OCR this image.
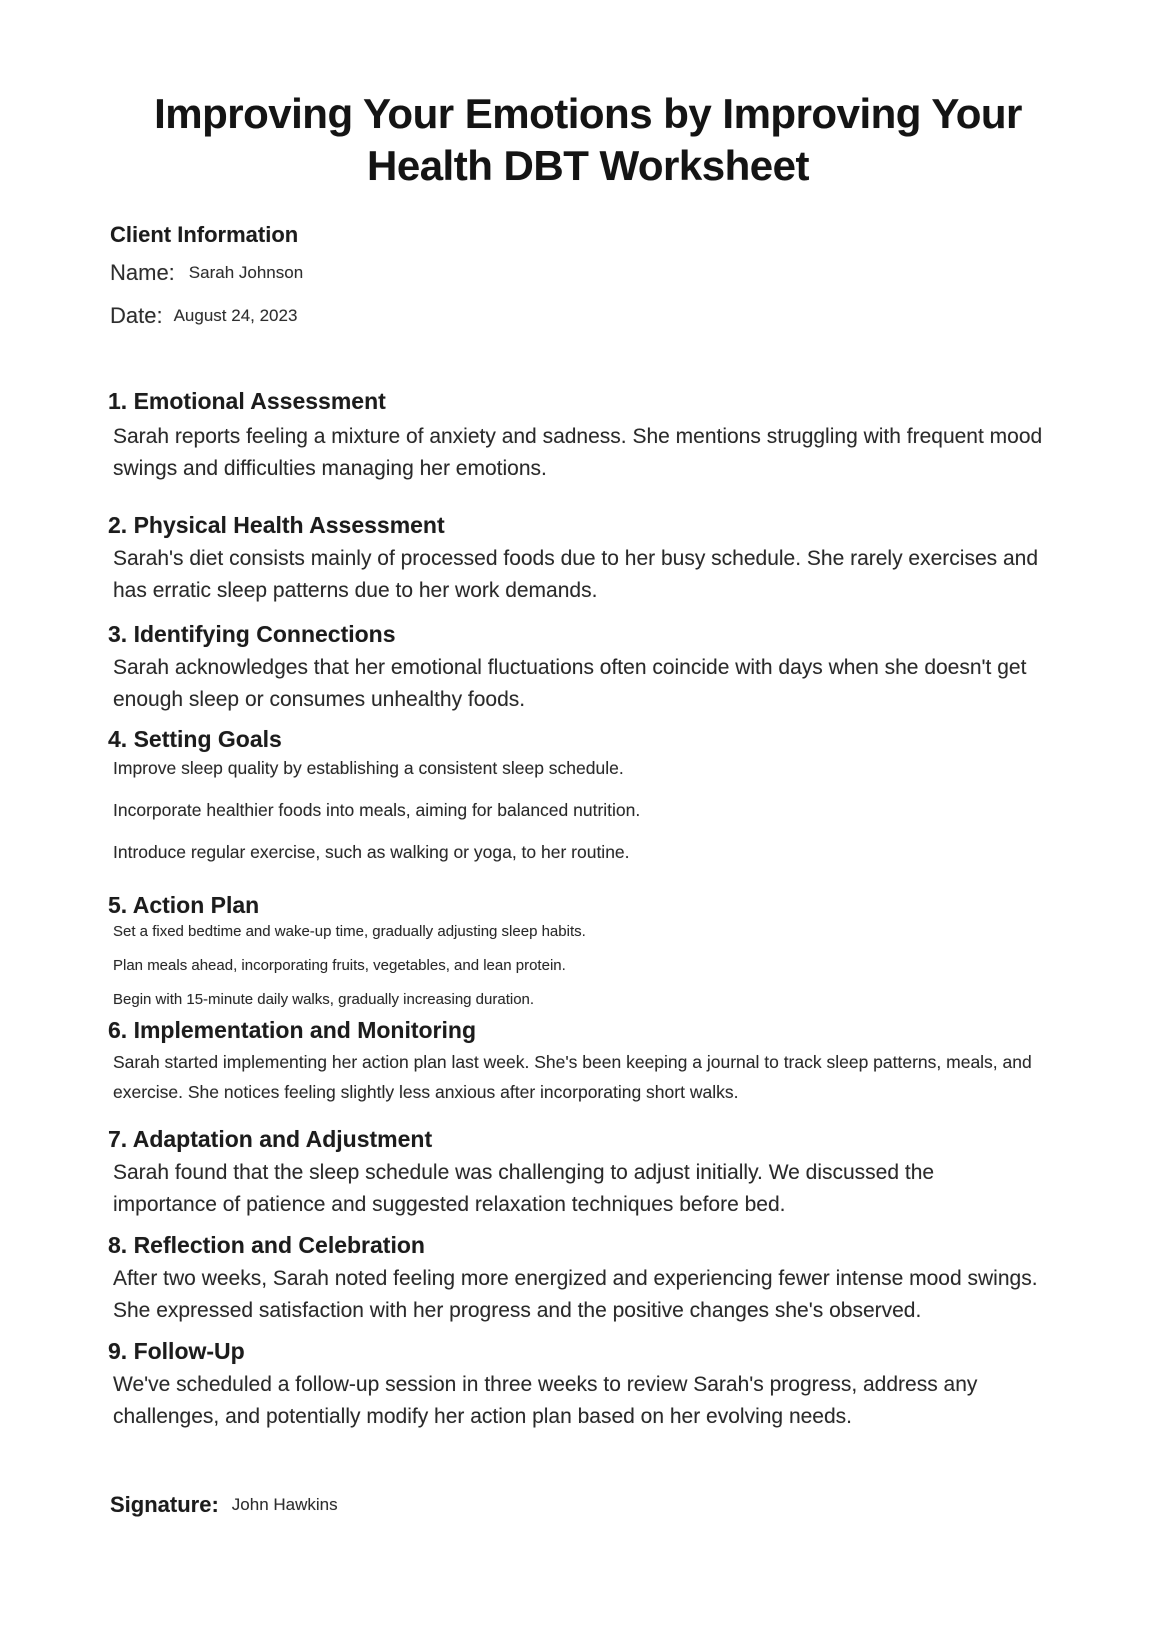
Improving Your Emotions by Improving Your Health DBT Worksheet
Client Information
Name: Sarah Johnson
Date: August 24, 2023
1. Emotional Assessment

Sarah reports feeling a mixture of anxiety and sadness. She mentions struggling with frequent mood swings and difficulties managing her emotions.

2. Physical Health Assessment

Sarah's diet consists mainly of processed foods due to her busy schedule. She rarely exercises and has erratic sleep patterns due to her work demands.

3. Identifying Connections

Sarah acknowledges that her emotional fluctuations often coincide with days when she doesn't get enough sleep or consumes unhealthy foods.

4. Setting Goals

Improve sleep quality by establishing a consistent sleep schedule.

Incorporate healthier foods into meals, aiming for balanced nutrition.

Introduce regular exercise, such as walking or yoga, to her routine.

5. Action Plan

Set a fixed bedtime and wake-up time, gradually adjusting sleep habits.

Plan meals ahead, incorporating fruits, vegetables, and lean protein.

Begin with 15-minute daily walks, gradually increasing duration.

6. Implementation and Monitoring

Sarah started implementing her action plan last week. She's been keeping a journal to track sleep patterns, meals, and exercise. She notices feeling slightly less anxious after incorporating short walks.

7. Adaptation and Adjustment

Sarah found that the sleep schedule was challenging to adjust initially. We discussed the importance of patience and suggested relaxation techniques before bed.

8. Reflection and Celebration

After two weeks, Sarah noted feeling more energized and experiencing fewer intense mood swings. She expressed satisfaction with her progress and the positive changes she's observed.

9. Follow-Up

We've scheduled a follow-up session in three weeks to review Sarah's progress, address any challenges, and potentially modify her action plan based on her evolving needs.

Signature: John Hawkins
